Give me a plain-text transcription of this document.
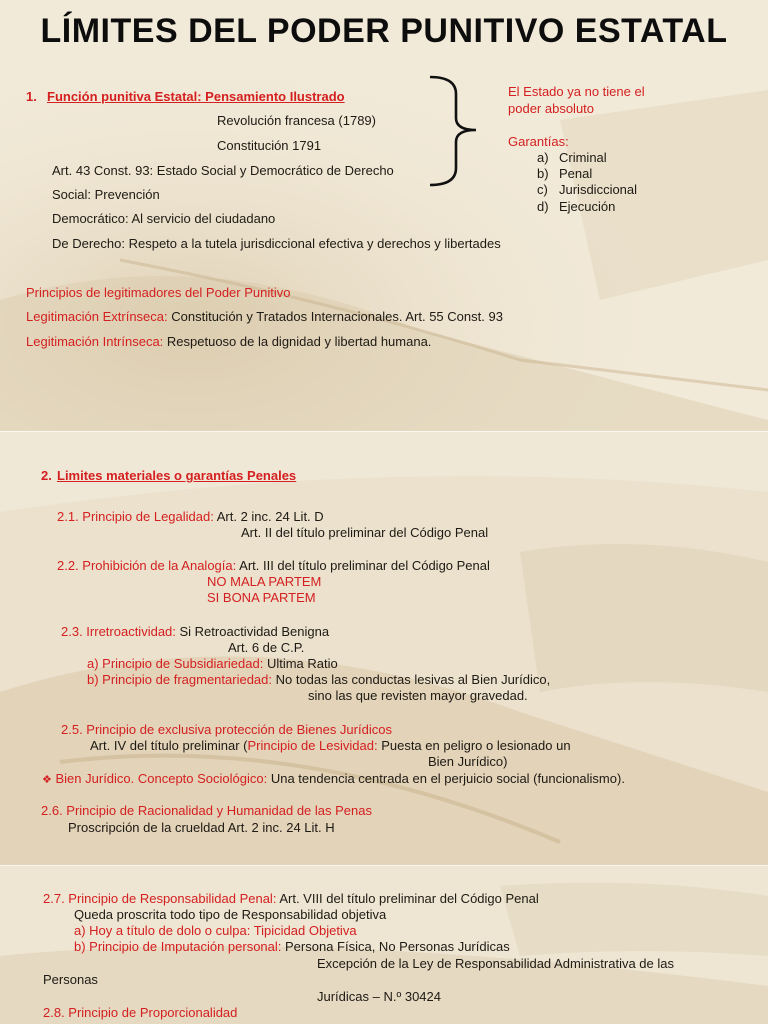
LÍMITES DEL PODER PUNITIVO ESTATAL
1. Función punitiva Estatal: Pensamiento Ilustrado
Revolución francesa (1789)
Constitución 1791
Art. 43 Const. 93: Estado Social y Democrático de Derecho
Social: Prevención
Democrático: Al servicio del ciudadano
De Derecho: Respeto a la tutela jurisdiccional efectiva y derechos y libertades
El Estado ya no tiene el
poder absoluto
Garantías:
a) Criminal
b) Penal
c) Jurisdiccional
d) Ejecución
Principios de legitimadores del Poder Punitivo
Legitimación Extrínseca: Constitución y Tratados Internacionales. Art. 55 Const. 93
Legitimación Intrínseca: Respetuoso de la dignidad y libertad humana.
2. Limites materiales o garantías Penales
2.1. Principio de Legalidad: Art. 2 inc. 24 Lit. D
Art. II del título preliminar del Código Penal
2.2. Prohibición de la Analogía: Art. III del título preliminar del Código Penal
NO MALA PARTEM
SI BONA PARTEM
2.3. Irretroactividad: Si Retroactividad Benigna
Art. 6 de C.P.
a) Principio de Subsidiariedad: Ultima Ratio
b) Principio de fragmentariedad: No todas las conductas lesivas al Bien Jurídico,
sino las que revisten mayor gravedad.
2.5. Principio de exclusiva protección de Bienes Jurídicos
Art. IV del título preliminar (Principio de Lesividad: Puesta en peligro o lesionado un
Bien Jurídico)
❖ Bien Jurídico. Concepto Sociológico: Una tendencia centrada en el perjuicio social (funcionalismo).
2.6. Principio de Racionalidad y Humanidad de las Penas
Proscripción de la crueldad Art. 2 inc. 24 Lit. H
2.7. Principio de Responsabilidad Penal: Art. VIII del título preliminar del Código Penal
Queda proscrita todo tipo de Responsabilidad objetiva
a) Hoy a título de dolo o culpa: Tipicidad Objetiva
b) Principio de Imputación personal: Persona Física, No Personas Jurídicas
Excepción de la Ley de Responsabilidad Administrativa de las
Personas
Jurídicas – N.º 30424
2.8. Principio de Proporcionalidad
